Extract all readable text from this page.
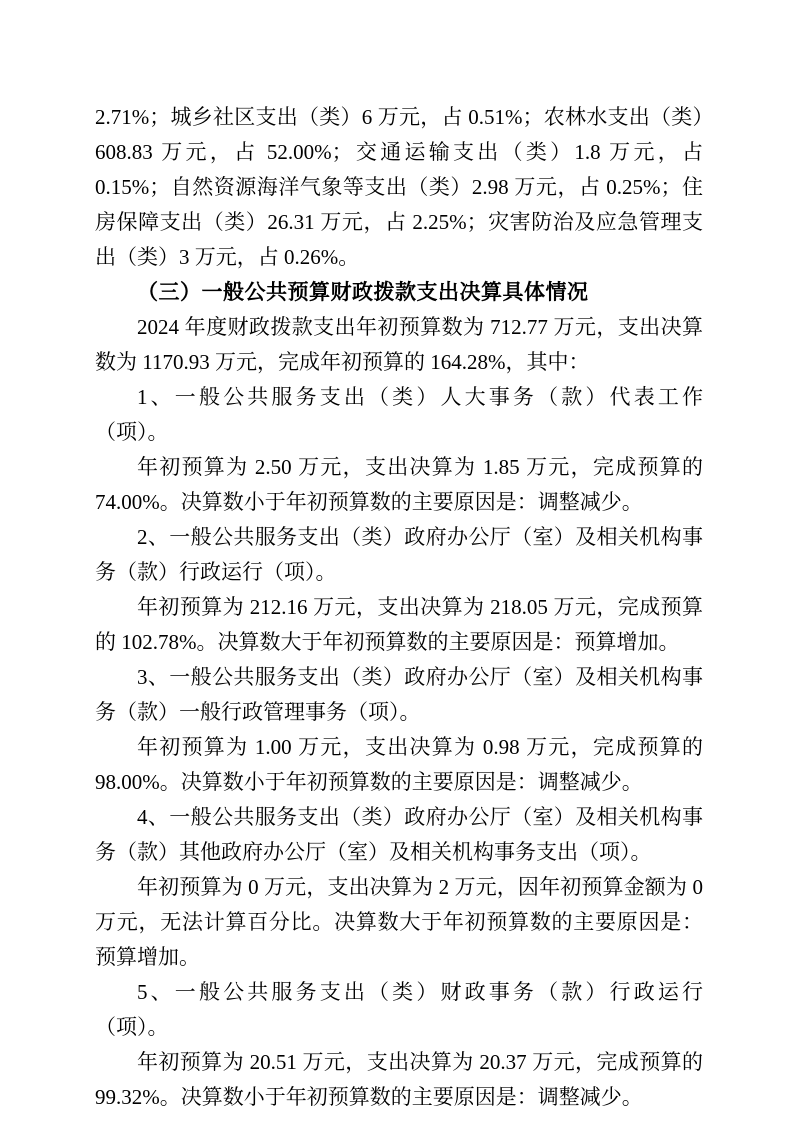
2.71%；城乡社区支出（类）6 万元，占 0.51%；农林水支出（类）608.83 万元，占 52.00%；交通运输支出（类）1.8 万元，占 0.15%；自然资源海洋气象等支出（类）2.98 万元，占 0.25%；住房保障支出（类）26.31 万元，占 2.25%；灾害防治及应急管理支出（类）3 万元，占 0.26%。

（三）一般公共预算财政拨款支出决算具体情况

2024 年度财政拨款支出年初预算数为 712.77 万元，支出决算数为 1170.93 万元，完成年初预算的 164.28%，其中：

1、一般公共服务支出（类）人大事务（款）代表工作（项）。

年初预算为 2.50 万元，支出决算为 1.85 万元，完成预算的 74.00%。决算数小于年初预算数的主要原因是：调整减少。

2、一般公共服务支出（类）政府办公厅（室）及相关机构事务（款）行政运行（项）。

年初预算为 212.16 万元，支出决算为 218.05 万元，完成预算的 102.78%。决算数大于年初预算数的主要原因是：预算增加。

3、一般公共服务支出（类）政府办公厅（室）及相关机构事务（款）一般行政管理事务（项）。

年初预算为 1.00 万元，支出决算为 0.98 万元，完成预算的 98.00%。决算数小于年初预算数的主要原因是：调整减少。

4、一般公共服务支出（类）政府办公厅（室）及相关机构事务（款）其他政府办公厅（室）及相关机构事务支出（项）。

年初预算为 0 万元，支出决算为 2 万元，因年初预算金额为 0 万元，无法计算百分比。决算数大于年初预算数的主要原因是：预算增加。

5、一般公共服务支出（类）财政事务（款）行政运行（项）。

年初预算为 20.51 万元，支出决算为 20.37 万元，完成预算的 99.32%。决算数小于年初预算数的主要原因是：调整减少。
